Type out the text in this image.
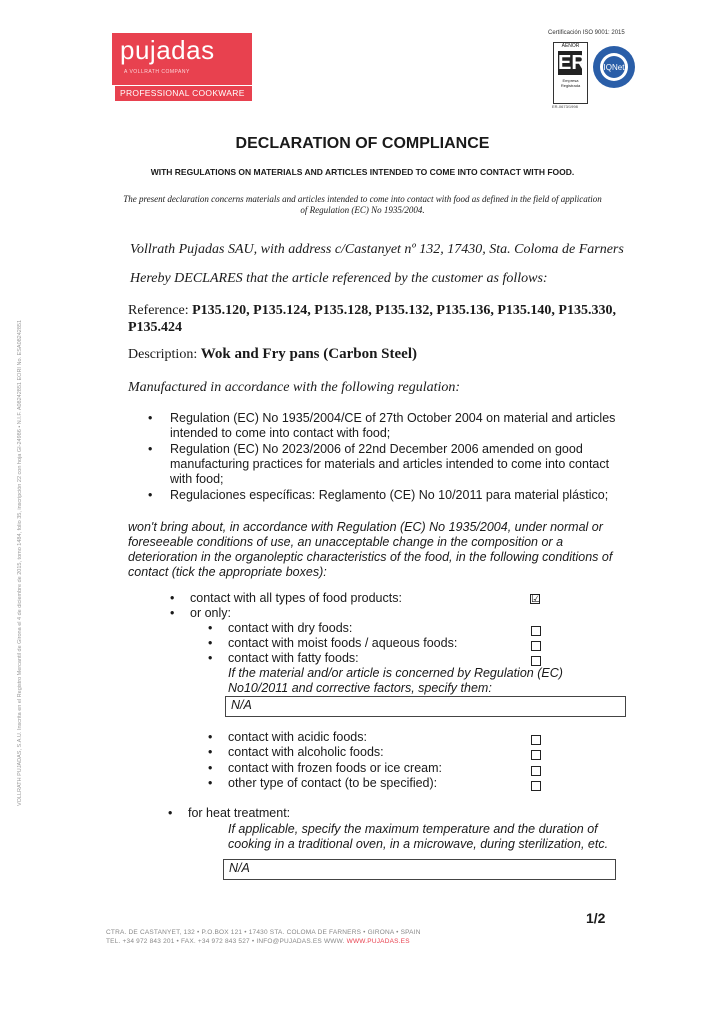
pujadas
A VOLLRATH COMPANY
PROFESSIONAL COOKWARE
Certificación ISO 9001: 2015
AENOR
ER
Empresa Registrada
ER-0673/1998
IQNet
DECLARATION OF COMPLIANCE
WITH REGULATIONS ON MATERIALS AND ARTICLES INTENDED TO COME INTO CONTACT WITH FOOD.
The present declaration concerns materials and articles intended to come into contact with food as defined in the field of application of Regulation (EC) No 1935/2004.
Vollrath Pujadas SAU, with address c/Castanyet nº 132, 17430, Sta. Coloma de Farners
Hereby DECLARES that the article referenced by the customer as follows:
Reference: P135.120, P135.124, P135.128, P135.132, P135.136, P135.140, P135.330, P135.424
Description: Wok and Fry pans (Carbon Steel)
Manufactured in accordance with the following regulation:
• Regulation (EC) No 1935/2004/CE of 27th October 2004 on material and articles intended to come into contact with food;
• Regulation (EC) No 2023/2006 of 22nd December 2006 amended on good manufacturing practices for materials and articles intended to come into contact with food;
• Regulaciones específicas: Reglamento (CE) No 10/2011 para material plástico;
won't bring about, in accordance with Regulation (EC) No 1935/2004, under normal or foreseeable conditions of use, an unacceptable change in the composition or a deterioration in the organoleptic characteristics of the food, in the following conditions of contact (tick the appropriate boxes):
• contact with all types of food products:	☑
• or only:
• contact with dry foods:
• contact with moist foods / aqueous foods:
• contact with fatty foods:
If the material and/or article is concerned by Regulation (EC) No10/2011 and corrective factors, specify them:
N/A
• contact with acidic foods:
• contact with alcoholic foods:
• contact with frozen foods or ice cream:
• other type of contact (to be specified):
• for heat treatment:
If applicable, specify the maximum temperature and the duration of cooking in a traditional oven, in a microwave, during sterilization, etc.
N/A
1/2
CTRA. DE CASTANYET, 132 • P.O.BOX 121 • 17430 STA. COLOMA DE FARNERS • GIRONA • SPAIN
TEL. +34 972 843 201 • FAX. +34 972 843 527 • INFO@PUJADAS.ES WWW. WWW.PUJADAS.ES
VOLLRATH PUJADAS, S.A.U. Inscrita en el Registro Mercantil de Girona el 4 de diciembre de 2015, tomo 1484, folio 35, inscripción 22 con hoja GI-24986 • N.I.F. A08242851 EORI No. ESA08242851
